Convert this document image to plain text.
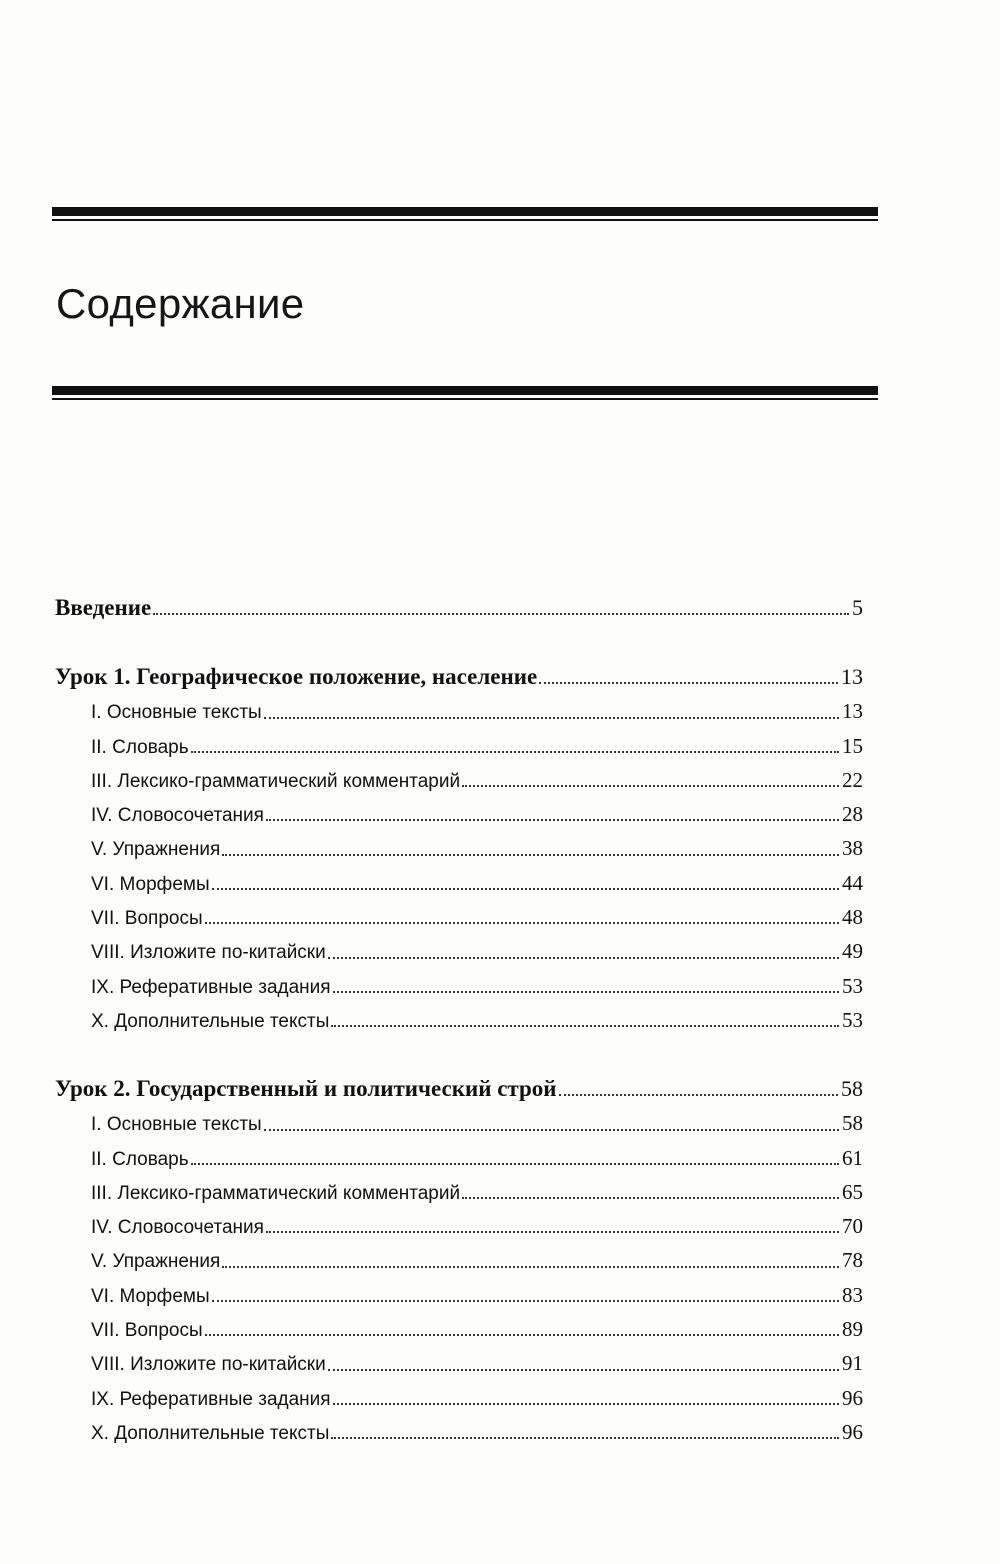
Содержание
Введение	5
Урок 1. Географическое положение, население	13
I. Основные тексты	13
II. Словарь	15
III. Лексико-грамматический комментарий	22
IV. Словосочетания	28
V. Упражнения	38
VI. Морфемы	44
VII. Вопросы	48
VIII. Изложите по-китайски	49
IX. Реферативные задания	53
X. Дополнительные тексты	53
Урок 2. Государственный и политический строй	58
I. Основные тексты	58
II. Словарь	61
III. Лексико-грамматический комментарий	65
IV. Словосочетания	70
V. Упражнения	78
VI. Морфемы	83
VII. Вопросы	89
VIII. Изложите по-китайски	91
IX. Реферативные задания	96
X. Дополнительные тексты	96
